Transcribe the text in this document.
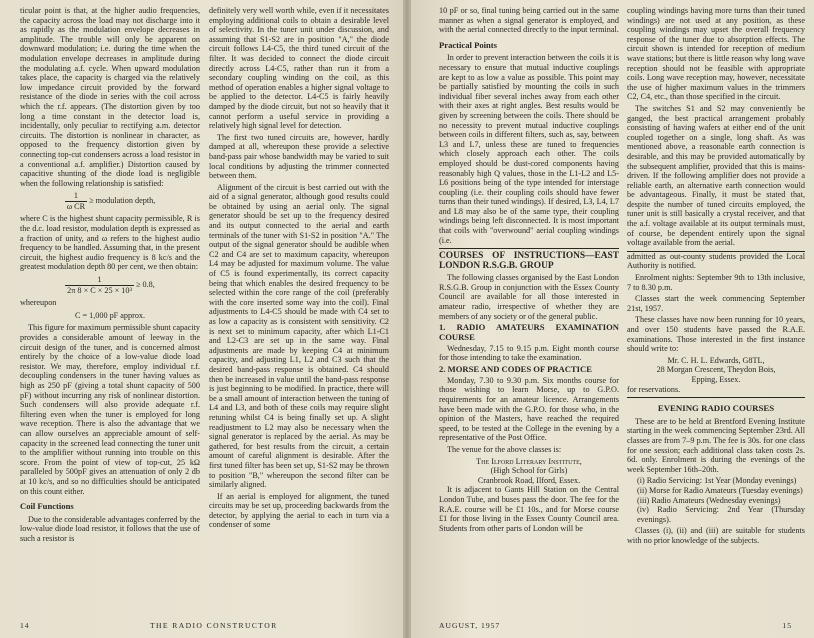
ticular point is that, at the higher audio frequencies, the capacity across the load may not discharge into it as rapidly as the modulation envelope decreases in amplitude. The trouble will only be apparent on downward modulation; i.e. during the time when the modulation envelope decreases in amplitude during the modulating a.f. cycle. When upward modulation takes place, the capacity is charged via the relatively low impedance circuit provided by the forward resistance of the diode in series with the coil across which the r.f. appears. (The distortion given by too long a time constant in the detector load is, incidentally, only peculiar to rectifying a.m. detector circuits. The distortion is nonlinear in character, as opposed to the frequency distortion given by connecting top-cut condensers across a load resistor in a conventional a.f. amplifier.) Distortion caused by capacitive shunting of the diode load is negligible when the following relationship is satisfied:

$\frac{1}{\text{ω CR}}$ ≥ modulation depth,

where C is the highest shunt capacity permissible, R is the d.c. load resistor, modulation depth is expressed as a fraction of unity, and ω refers to the highest audio frequency to be handled. Assuming that, in the present circuit, the highest audio frequency is 8 kc/s and the greatest modulation depth 80 per cent, we then obtain:

$\frac{1}{\text{2π 8 × C × 25 × 10³}} \ge 0.8$,

whereupon

C = 1,000 pF approx.

This figure for maximum permissible shunt capacity provides a considerable amount of leeway in the circuit design of the tuner, and is concerned almost entirely by the choice of a low-value diode load resistor. We may, therefore, employ individual r.f. decoupling condensers in the tuner having values as high as 250 pF (giving a total shunt capacity of 500 pF) without incurring any risk of nonlinear distortion. Such condensers will also provide adequate r.f. filtering even when the tuner is employed for long wave reception. There is also the advantage that we can allow ourselves an appreciable amount of self-capacity in the screened lead connecting the tuner unit to the amplifier without running into trouble on this score. From the point of view of top-cut, 25 kΩ paralleled by 500pF gives an attenuation of only 2 db at 10 kc/s, and so no difficulties should be anticipated on this count either.

Coil Functions

Due to the considerable advantages conferred by the low-value diode load resistor, it follows that the use of such a resistor is

definitely very well worth while, even if it necessitates employing additional coils to obtain a desirable level of selectivity. In the tuner unit under discussion, and assuming that S1-S2 are in position "A," the diode circuit follows L4-C5, the third tuned circuit of the filter. It was decided to connect the diode circuit directly across L4-C5, rather than run it from a secondary coupling winding on the coil, as this method of operation enables a higher signal voltage to be applied to the detector. L4-C5 is fairly heavily damped by the diode circuit, but not so heavily that it cannot perform a useful service in providing a relatively high signal level for detection.

The first two tuned circuits are, however, hardly damped at all, whereupon these provide a selective band-pass pair whose bandwidth may be varied to suit local conditions by adjusting the trimmer connected between them.

Alignment of the circuit is best carried out with the aid of a signal generator, although good results could be obtained by using an aerial only. The signal generator should be set up to the frequency desired and its output connected to the aerial and earth terminals of the tuner with S1-S2 in position "A." The output of the signal generator should be audible when C2 and C4 are set to maximum capacity, whereupon L4 may be adjusted for maximum volume. The value of C5 is found experimentally, its correct capacity being that which enables the desired frequency to be selected within the core range of the coil (preferably with the core inserted some way into the coil). Final adjustments to L4-C5 should be made with C4 set to as low a capacity as is consistent with sensitivity. C2 is next set to minimum capacity, after which L1-C1 and L2-C3 are set up in the same way. Final adjustments are made by keeping C4 at minimum capacity, and adjusting L1, L2 and C3 such that the desired band-pass response is obtained. C4 should then be increased in value until the band-pass response is just beginning to be modified. In practice, there will be a small amount of interaction between the tuning of L4 and L3, and both of these coils may require slight retuning whilst C4 is being finally set up. A slight readjustment to L2 may also be necessary when the signal generator is replaced by the aerial. As may be gathered, for best results from the circuit, a certain amount of careful alignment is desirable. After the first tuned filter has been set up, S1-S2 may be thrown to position "B," whereupon the second filter can be similarly aligned.

If an aerial is employed for alignment, the tuned circuits may be set up, proceeding backwards from the detector, by applying the aerial to each in turn via a condenser of some

14	THE RADIO CONSTRUCTOR

10 pF or so, final tuning being carried out in the same manner as when a signal generator is employed, and with the aerial connected directly to the input terminal.

Practical Points

In order to prevent interaction between the coils it is necessary to ensure that mutual inductive couplings are kept to as low a value as possible. This point may be partially satisfied by mounting the coils in such individual fiber several inches away from each other with their axes at right angles. Best results would be given by screening between the coils. There should be no necessity to prevent mutual inductive couplings between coils in different filters, such as, say, between L3 and L7, unless these are tuned to frequencies which closely approach each other. The coils employed should be dust-cored components having reasonably high Q values, those in the L1-L2 and L5-L6 positions being of the type intended for interstage coupling (i.e. their coupling coils should have fewer turns than their tuned windings). If desired, L3, L4, L7 and L8 may also be of the same type, their coupling windings being left disconnected. It is most important that coils with "overwound" aerial coupling windings (i.e.

COURSES OF INSTRUCTIONS—EAST LONDON R.S.G.B. GROUP

The following classes organised by the East London R.S.G.B. Group in conjunction with the Essex County Council are available for all those interested in amateur radio, irrespective of whether they are members of any society or of the general public.

1. RADIO AMATEURS EXAMINATION COURSE

Wednesday, 7.15 to 9.15 p.m. Eight month course for those intending to take the examination.

2. MORSE AND CODES OF PRACTICE

Monday, 7.30 to 9.30 p.m. Six months course for those wishing to learn Morse, up to G.P.O. requirements for an amateur licence. Arrangements have been made with the G.P.O. for those who, in the opinion of the Masters, have reached the required speed, to be tested at the College in the evening by a representative of the Post Office.

The venue for the above classes is:

The Ilford Literary Institute,
(High School for Girls)
Cranbrook Road, Ilford, Essex.

It is adjacent to Gants Hill Station on the Central London Tube, and buses pass the door. The fee for the R.A.E. course will be £1 10s., and for Morse course £1 for those living in the Essex County Council area. Students from other parts of London will be

coupling windings having more turns than their tuned windings) are not used at any position, as these coupling windings may upset the overall frequency response of the tuner due to absorption effects. The circuit shown is intended for reception of medium wave stations; but there is little reason why long wave reception should not be feasible with appropriate coils. Long wave reception may, however, necessitate the use of higher maximum values in the trimmers C2, C4, etc., than those specified in the circuit.

The switches S1 and S2 may conveniently be ganged, the best practical arrangement probably consisting of having wafers at either end of the unit coupled together on a single, long shaft. As was mentioned above, a reasonable earth connection is desirable, and this may be provided automatically by the subsequent amplifier, provided that this is mains-driven. If the following amplifier does not provide a reliable earth, an alternative earth connection would be advantageous. Finally, it must be stated that, despite the number of tuned circuits employed, the tuner unit is still basically a crystal receiver, and that the a.f. voltage available at its output terminals must, of course, be dependent entirely upon the signal voltage available from the aerial.

admitted as out-county students provided the Local Authority is notified.

Enrolment nights: September 9th to 13th inclusive, 7 to 8.30 p.m.

Classes start the week commencing September 21st, 1957.

These classes have now been running for 10 years, and over 150 students have passed the R.A.E. examinations. Those interested in the first instance should write to:

Mr. C. H. L. Edwards, G8TL,
28 Morgan Crescent, Theydon Bois,
Epping, Essex.

for reservations.

EVENING RADIO COURSES

These are to be held at Brentford Evening Institute starting in the week commencing September 23rd. All classes are from 7–9 p.m. The fee is 30s. for one class for one session; each additional class taken costs 2s. 6d. only. Enrolment is during the evenings of the week September 16th–20th.

(i) Radio Servicing: 1st Year (Monday evenings)
(ii) Morse for Radio Amateurs (Tuesday evenings)
(iii) Radio Amateurs (Wednesday evenings)
(iv) Radio Servicing: 2nd Year (Thursday evenings).

Classes (i), (ii) and (iii) are suitable for students with no prior knowledge of the subjects.

AUGUST, 1957	15
